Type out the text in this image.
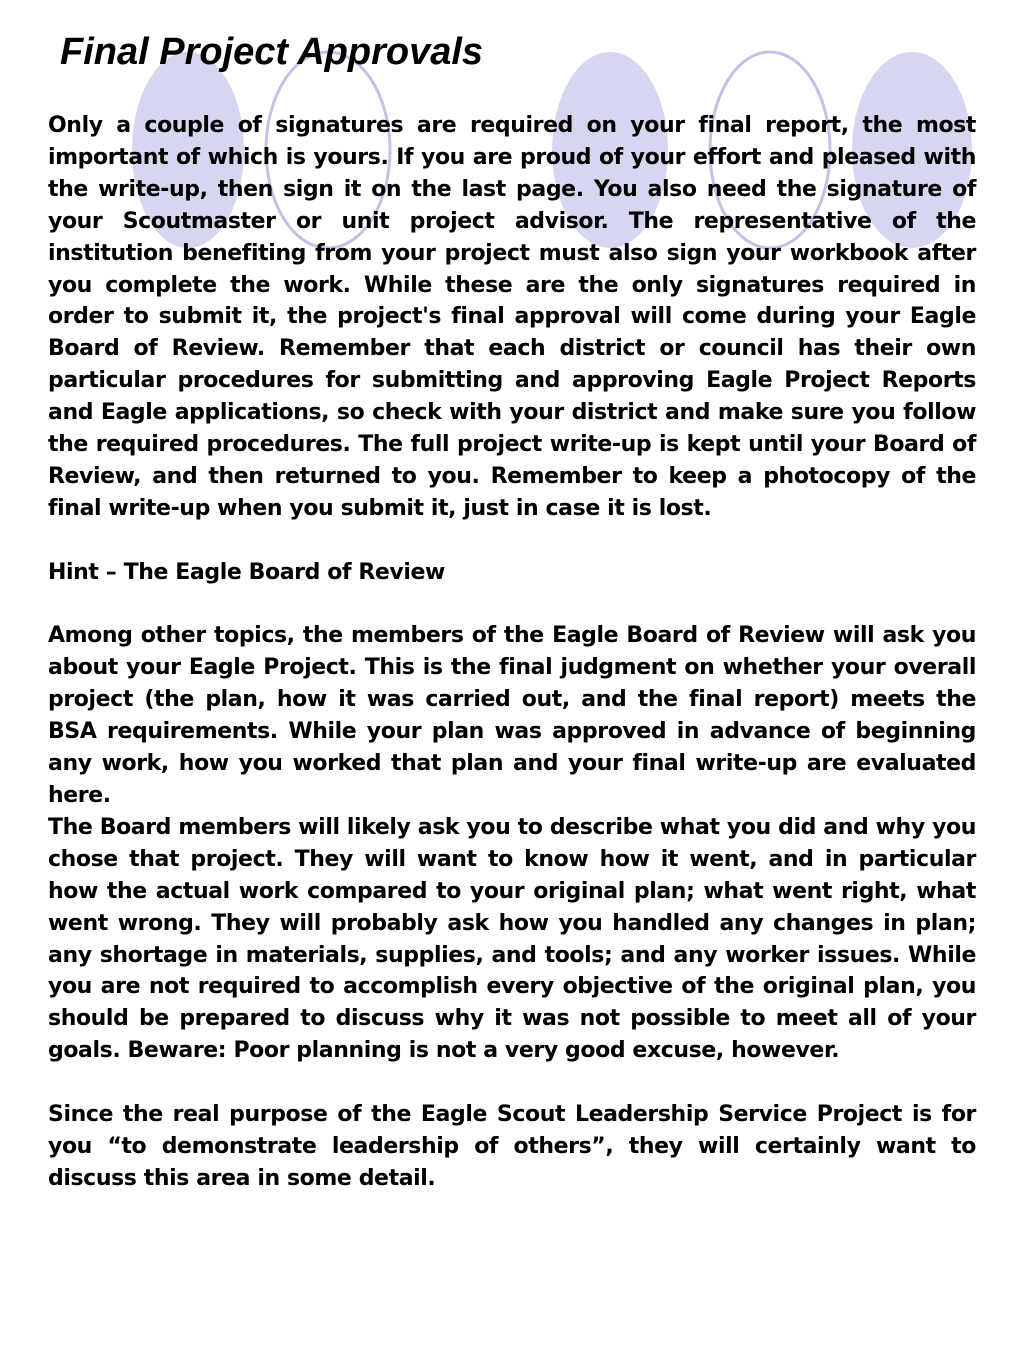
Final Project Approvals

Only a couple of signatures are required on your final report, the most important of which is yours. If you are proud of your effort and pleased with the write-up, then sign it on the last page. You also need the signature of your Scoutmaster or unit project advisor. The representative of the institution benefiting from your project must also sign your workbook after you complete the work. While these are the only signatures required in order to submit it, the project's final approval will come during your Eagle Board of Review. Remember that each district or council has their own particular procedures for submitting and approving Eagle Project Reports and Eagle applications, so check with your district and make sure you follow the required procedures. The full project write-up is kept until your Board of Review, and then returned to you. Remember to keep a photocopy of the final write-up when you submit it, just in case it is lost.

Hint – The Eagle Board of Review

Among other topics, the members of the Eagle Board of Review will ask you about your Eagle Project. This is the final judgment on whether your overall project (the plan, how it was carried out, and the final report) meets the BSA requirements. While your plan was approved in advance of beginning any work, how you worked that plan and your final write-up are evaluated here.

The Board members will likely ask you to describe what you did and why you chose that project. They will want to know how it went, and in particular how the actual work compared to your original plan; what went right, what went wrong. They will probably ask how you handled any changes in plan; any shortage in materials, supplies, and tools; and any worker issues. While you are not required to accomplish every objective of the original plan, you should be prepared to discuss why it was not possible to meet all of your goals. Beware: Poor planning is not a very good excuse, however.

Since the real purpose of the Eagle Scout Leadership Service Project is for you “to demonstrate leadership of others”, they will certainly want to discuss this area in some detail.
